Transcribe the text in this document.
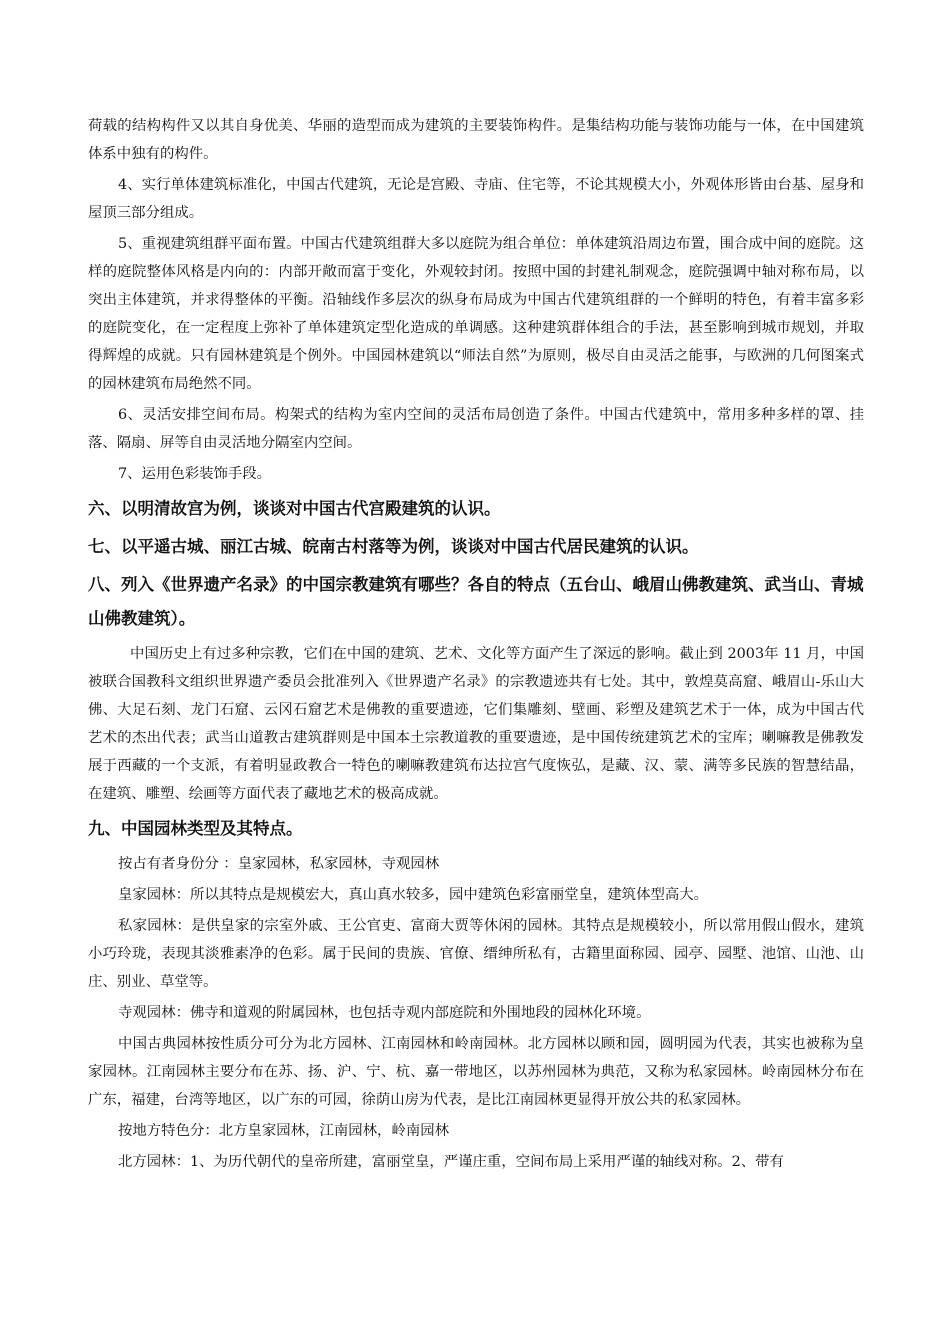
荷载的结构构件又以其自身优美、华丽的造型而成为建筑的主要装饰构件。是集结构功能与装饰功能与一体，在中国建筑体系中独有的构件。

4、实行单体建筑标准化，中国古代建筑，无论是宫殿、寺庙、住宅等，不论其规模大小，外观体形皆由台基、屋身和屋顶三部分组成。

5、重视建筑组群平面布置。中国古代建筑组群大多以庭院为组合单位：单体建筑沿周边布置，围合成中间的庭院。这样的庭院整体风格是内向的：内部开敞而富于变化，外观较封闭。按照中国的封建礼制观念，庭院强调中轴对称布局，以突出主体建筑，并求得整体的平衡。沿轴线作多层次的纵身布局成为中国古代建筑组群的一个鲜明的特色，有着丰富多彩的庭院变化，在一定程度上弥补了单体建筑定型化造成的单调感。这种建筑群体组合的手法，甚至影响到城市规划，并取得辉煌的成就。只有园林建筑是个例外。中国园林建筑以“师法自然”为原则，极尽自由灵活之能事，与欧洲的几何图案式的园林建筑布局绝然不同。

6、灵活安排空间布局。构架式的结构为室内空间的灵活布局创造了条件。中国古代建筑中，常用多种多样的罩、挂落、隔扇、屏等自由灵活地分隔室内空间。

7、运用色彩装饰手段。

六、以明清故宫为例，谈谈对中国古代宫殿建筑的认识。
七、以平遥古城、丽江古城、皖南古村落等为例，谈谈对中国古代居民建筑的认识。
八、列入《世界遗产名录》的中国宗教建筑有哪些？各自的特点（五台山、峨眉山佛教建筑、武当山、青城山佛教建筑）。

中国历史上有过多种宗教，它们在中国的建筑、艺术、文化等方面产生了深远的影响。截止到 2003年 11 月，中国被联合国教科文组织世界遗产委员会批准列入《世界遗产名录》的宗教遗迹共有七处。其中，敦煌莫高窟、峨眉山-乐山大佛、大足石刻、龙门石窟、云冈石窟艺术是佛教的重要遗迹，它们集雕刻、壁画、彩塑及建筑艺术于一体，成为中国古代艺术的杰出代表；武当山道教古建筑群则是中国本土宗教道教的重要遗迹，是中国传统建筑艺术的宝库；喇嘛教是佛教发展于西藏的一个支派，有着明显政教合一特色的喇嘛教建筑布达拉宫气度恢弘，是藏、汉、蒙、满等多民族的智慧结晶，在建筑、雕塑、绘画等方面代表了藏地艺术的极高成就。

九、中国园林类型及其特点。

按占有者身份分 ：皇家园林，私家园林，寺观园林

皇家园林：所以其特点是规模宏大，真山真水较多，园中建筑色彩富丽堂皇，建筑体型高大。

私家园林：是供皇家的宗室外戚、王公官吏、富商大贾等休闲的园林。其特点是规模较小，所以常用假山假水，建筑小巧玲珑，表现其淡雅素净的色彩。属于民间的贵族、官僚、缙绅所私有，古籍里面称园、园亭、园墅、池馆、山池、山庄、别业、草堂等。

寺观园林：佛寺和道观的附属园林，也包括寺观内部庭院和外围地段的园林化环境。

中国古典园林按性质分可分为北方园林、江南园林和岭南园林。北方园林以顾和园，圆明园为代表，其实也被称为皇家园林。江南园林主要分布在苏、扬、沪、宁、杭、嘉一带地区，以苏州园林为典范，又称为私家园林。岭南园林分布在广东，福建，台湾等地区，以广东的可园，徐荫山房为代表，是比江南园林更显得开放公共的私家园林。

按地方特色分：北方皇家园林，江南园林，岭南园林

北方园林：1、为历代朝代的皇帝所建，富丽堂皇，严谨庄重，空间布局上采用严谨的轴线对称。2、带有
